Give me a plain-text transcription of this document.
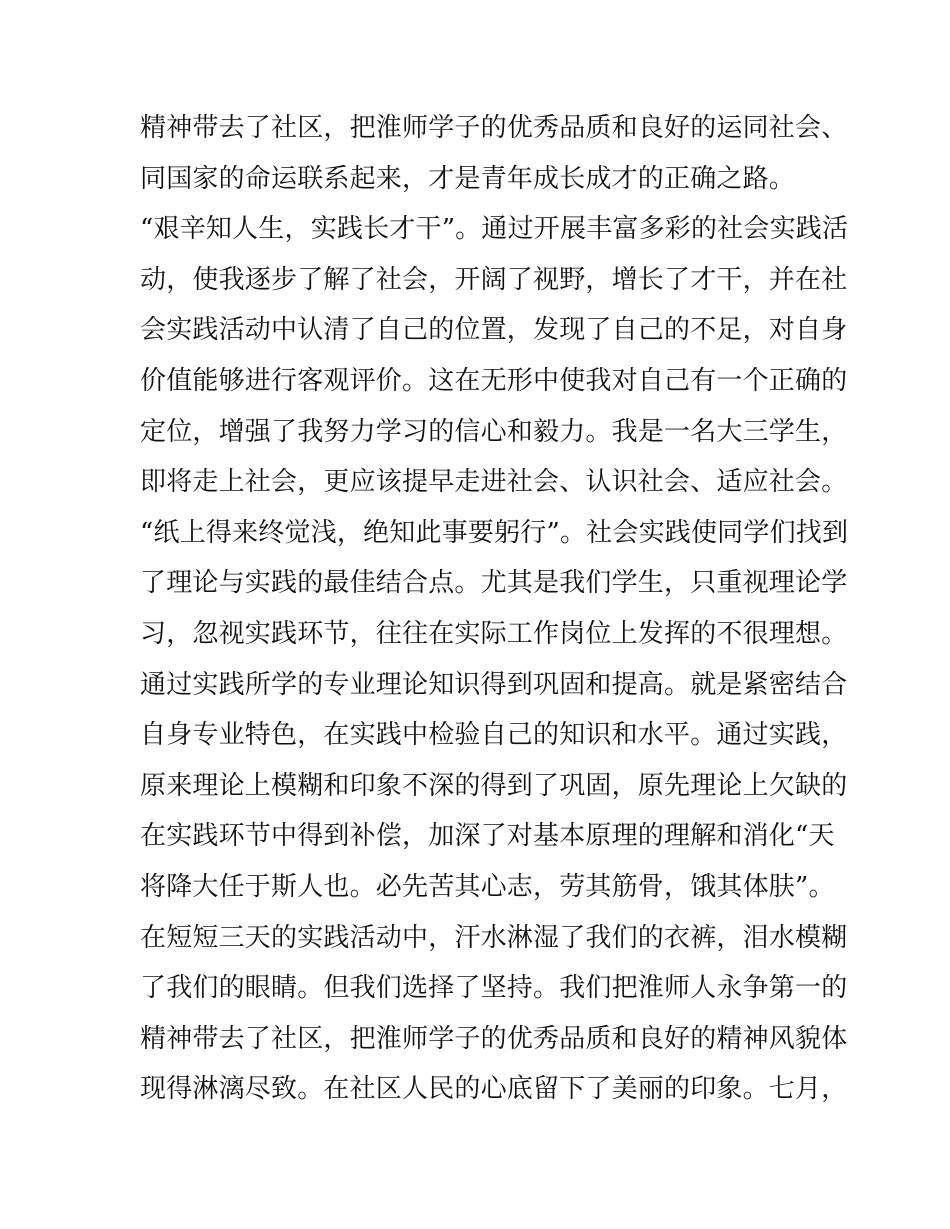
精神带去了社区，把淮师学子的优秀品质和良好的运同社会、
同国家的命运联系起来，才是青年成长成才的正确之路。
“艰辛知人生，实践长才干”。通过开展丰富多彩的社会实践活
动，使我逐步了解了社会，开阔了视野，增长了才干，并在社
会实践活动中认清了自己的位置，发现了自己的不足，对自身
价值能够进行客观评价。这在无形中使我对自己有一个正确的
定位，增强了我努力学习的信心和毅力。我是一名大三学生，
即将走上社会，更应该提早走进社会、认识社会、适应社会。
“纸上得来终觉浅，绝知此事要躬行”。社会实践使同学们找到
了理论与实践的最佳结合点。尤其是我们学生，只重视理论学
习，忽视实践环节，往往在实际工作岗位上发挥的不很理想。
通过实践所学的专业理论知识得到巩固和提高。就是紧密结合
自身专业特色，在实践中检验自己的知识和水平。通过实践，
原来理论上模糊和印象不深的得到了巩固，原先理论上欠缺的
在实践环节中得到补偿，加深了对基本原理的理解和消化“天
将降大任于斯人也。必先苦其心志，劳其筋骨，饿其体肤”。
在短短三天的实践活动中，汗水淋湿了我们的衣裤，泪水模糊
了我们的眼睛。但我们选择了坚持。我们把淮师人永争第一的
精神带去了社区，把淮师学子的优秀品质和良好的精神风貌体
现得淋漓尽致。在社区人民的心底留下了美丽的印象。七月，
